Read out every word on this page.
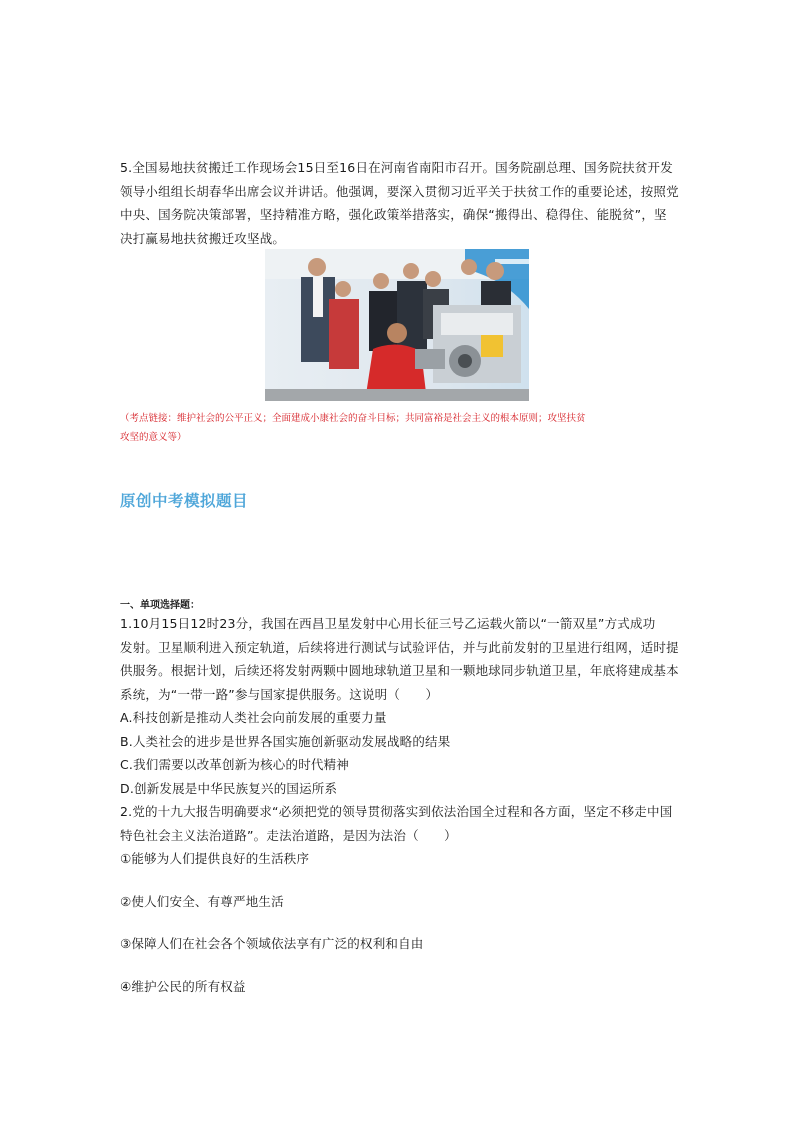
5.全国易地扶贫搬迁工作现场会15日至16日在河南省南阳市召开。国务院副总理、国务院扶贫开发
领导小组组长胡春华出席会议并讲话。他强调，要深入贯彻习近平关于扶贫工作的重要论述，按照党
中央、国务院决策部署，坚持精准方略，强化政策举措落实，确保“搬得出、稳得住、能脱贫”，坚
决打赢易地扶贫搬迁攻坚战。
（考点链接：维护社会的公平正义；全面建成小康社会的奋斗目标；共同富裕是社会主义的根本原则；攻坚扶贫
攻坚的意义等）
原创中考模拟题目
一、单项选择题：
1.10月15日12时23分，我国在西昌卫星发射中心用长征三号乙运载火箭以“一箭双星”方式成功
发射。卫星顺利进入预定轨道，后续将进行测试与试验评估，并与此前发射的卫星进行组网，适时提
供服务。根据计划，后续还将发射两颗中圆地球轨道卫星和一颗地球同步轨道卫星，年底将建成基本
系统，为“一带一路”参与国家提供服务。这说明（　　）
A.科技创新是推动人类社会向前发展的重要力量
B.人类社会的进步是世界各国实施创新驱动发展战略的结果
C.我们需要以改革创新为核心的时代精神
D.创新发展是中华民族复兴的国运所系
2.党的十九大报告明确要求“必须把党的领导贯彻落实到依法治国全过程和各方面，坚定不移走中国
特色社会主义法治道路”。走法治道路，是因为法治（　　）
①能够为人们提供良好的生活秩序
②使人们安全、有尊严地生活
③保障人们在社会各个领域依法享有广泛的权利和自由
④维护公民的所有权益
